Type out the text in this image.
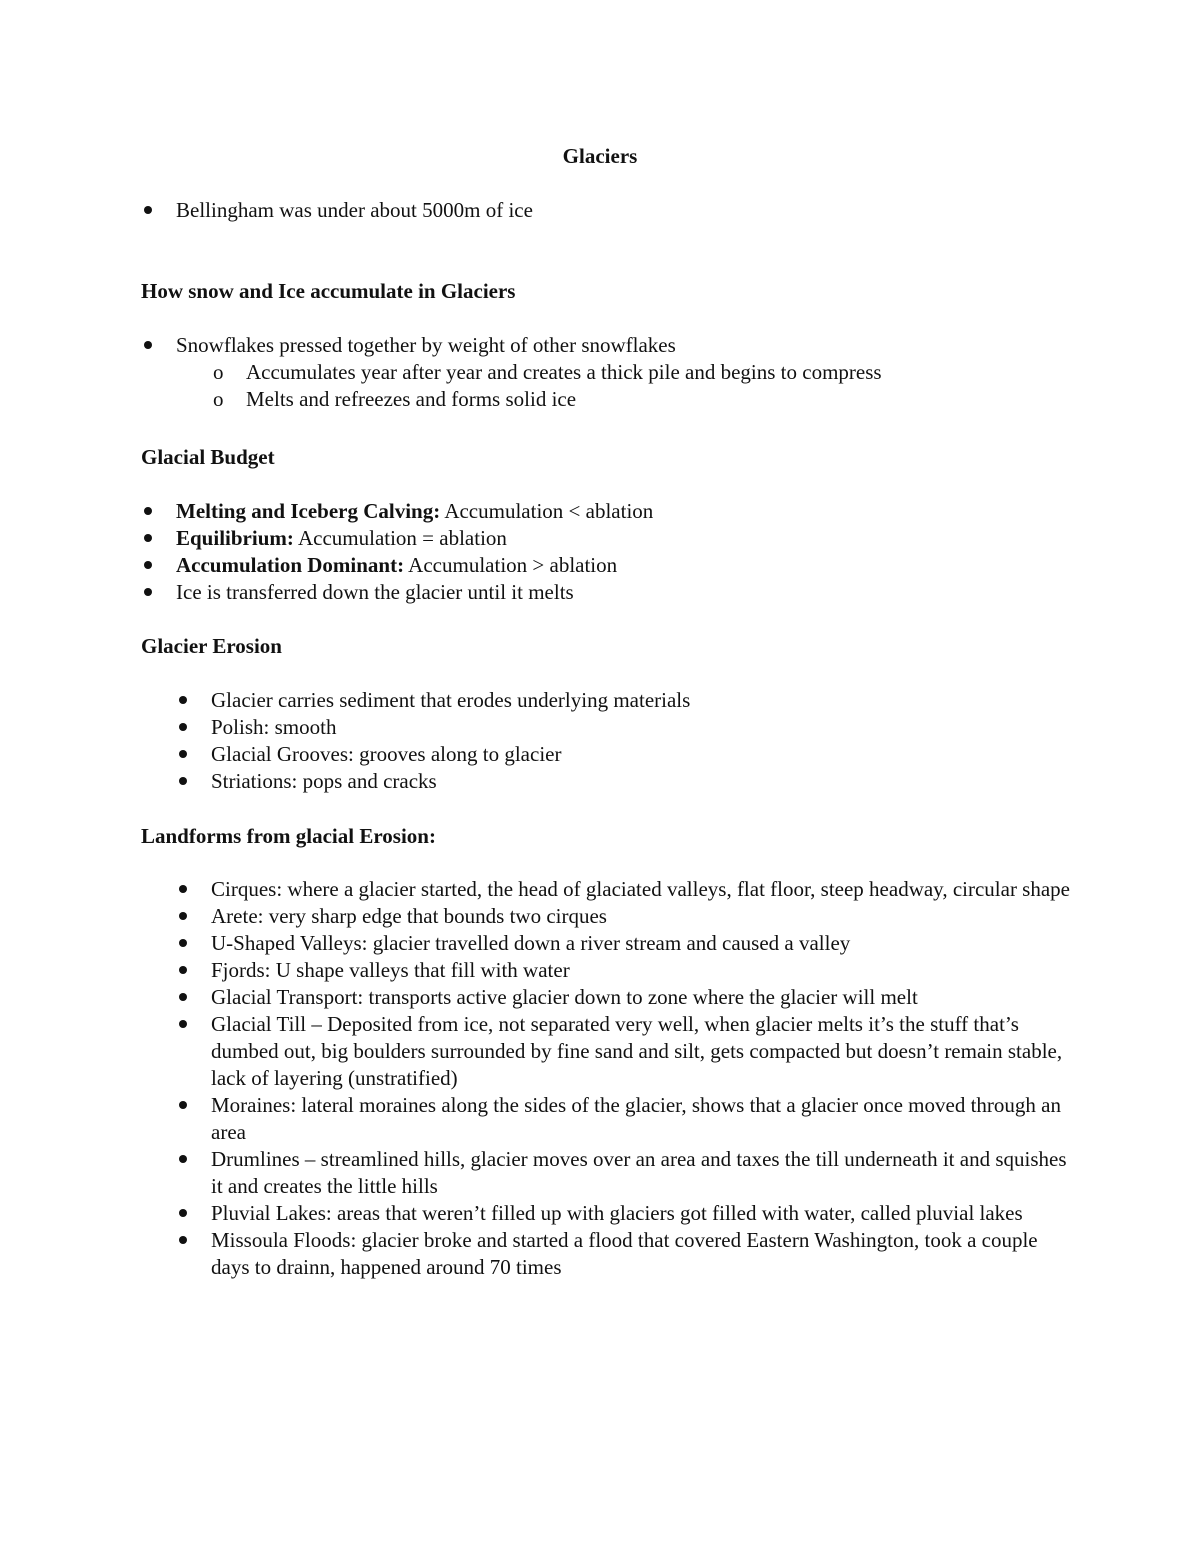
Glaciers
Bellingham was under about 5000m of ice
How snow and Ice accumulate in Glaciers
Snowflakes pressed together by weight of other snowflakes
o Accumulates year after year and creates a thick pile and begins to compress
o Melts and refreezes and forms solid ice
Glacial Budget
Melting and Iceberg Calving: Accumulation < ablation
Equilibrium: Accumulation = ablation
Accumulation Dominant: Accumulation > ablation
Ice is transferred down the glacier until it melts
Glacier Erosion
Glacier carries sediment that erodes underlying materials
Polish: smooth
Glacial Grooves: grooves along to glacier
Striations: pops and cracks
Landforms from glacial Erosion:
Cirques: where a glacier started, the head of glaciated valleys, flat floor, steep headway, circular shape
Arete: very sharp edge that bounds two cirques
U-Shaped Valleys: glacier travelled down a river stream and caused a valley
Fjords: U shape valleys that fill with water
Glacial Transport: transports active glacier down to zone where the glacier will melt
Glacial Till – Deposited from ice, not separated very well, when glacier melts it’s the stuff that’s dumbed out, big boulders surrounded by fine sand and silt, gets compacted but doesn’t remain stable, lack of layering (unstratified)
Moraines: lateral moraines along the sides of the glacier, shows that a glacier once moved through an area
Drumlines – streamlined hills, glacier moves over an area and taxes the till underneath it and squishes it and creates the little hills
Pluvial Lakes: areas that weren’t filled up with glaciers got filled with water, called pluvial lakes
Missoula Floods: glacier broke and started a flood that covered Eastern Washington, took a couple days to drainn, happened around 70 times
